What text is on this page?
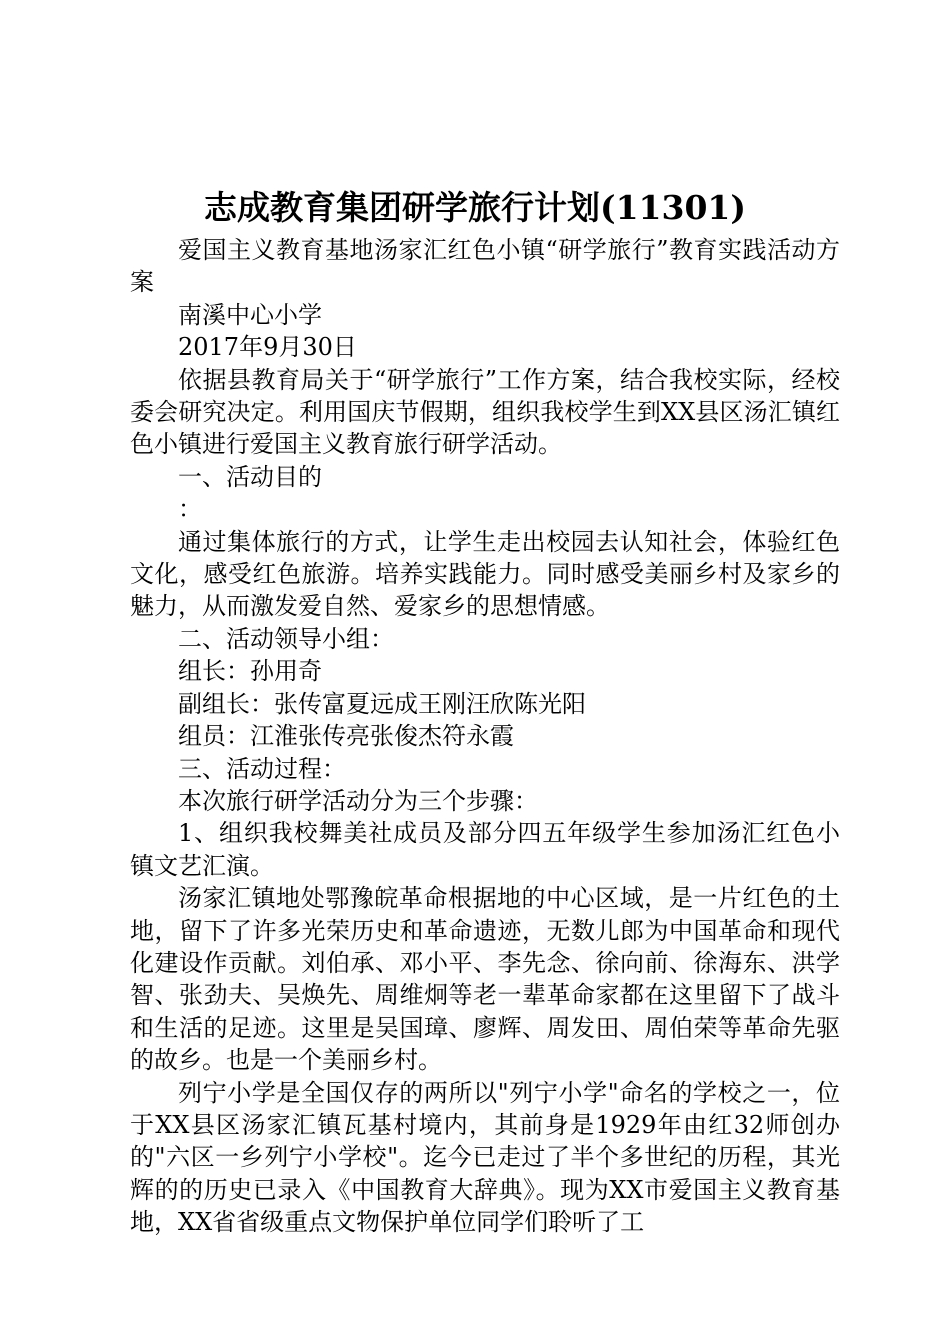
志成教育集团研学旅行计划(11301)

爱国主义教育基地汤家汇红色小镇“研学旅行”教育实践活动方案

南溪中心小学

2017年9月30日

依据县教育局关于“研学旅行”工作方案，结合我校实际，经校委会研究决定。利用国庆节假期，组织我校学生到XX县区汤汇镇红色小镇进行爱国主义教育旅行研学活动。

一、活动目的

：

通过集体旅行的方式，让学生走出校园去认知社会，体验红色文化，感受红色旅游。培养实践能力。同时感受美丽乡村及家乡的魅力，从而激发爱自然、爱家乡的思想情感。

二、活动领导小组：

组长：孙用奇

副组长：张传富夏远成王刚汪欣陈光阳

组员：江淮张传亮张俊杰符永霞

三、活动过程：

本次旅行研学活动分为三个步骤：

1、组织我校舞美社成员及部分四五年级学生参加汤汇红色小镇文艺汇演。

汤家汇镇地处鄂豫皖革命根据地的中心区域，是一片红色的土地，留下了许多光荣历史和革命遗迹，无数儿郎为中国革命和现代化建设作贡献。刘伯承、邓小平、李先念、徐向前、徐海东、洪学智、张劲夫、吴焕先、周维炯等老一辈革命家都在这里留下了战斗和生活的足迹。这里是吴国璋、廖辉、周发田、周伯荣等革命先驱的故乡。也是一个美丽乡村。

列宁小学是全国仅存的两所以"列宁小学"命名的学校之一，位于XX县区汤家汇镇瓦基村境内，其前身是1929年由红32师创办的"六区一乡列宁小学校"。迄今已走过了半个多世纪的历程，其光辉的的历史已录入《中国教育大辞典》。现为XX市爱国主义教育基地，XX省省级重点文物保护单位同学们聆听了工
